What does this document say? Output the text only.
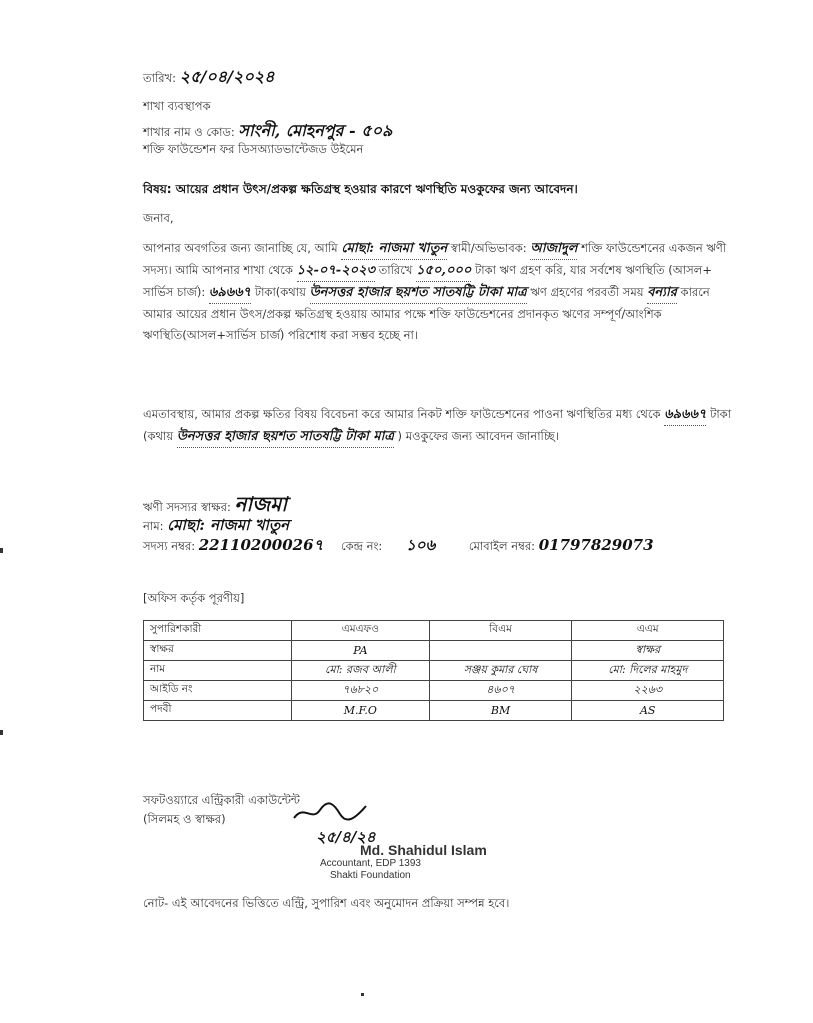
তারিখ: ২৫/০৪/২০২৪
শাখা ব্যবস্থাপক
শাখার নাম ও কোড: সাংনী, মোহনপুর - ৫০৯
শক্তি ফাউন্ডেশন ফর ডিসঅ্যাডভান্টেজড উইমেন
বিষয়: আয়ের প্রধান উৎস/প্রকল্প ক্ষতিগ্রস্থ হওয়ার কারণে ঋণস্থিতি মওকুফের জন্য আবেদন।
জনাব,
আপনার অবগতির জন্য জানাচ্ছি যে, আমি মোছা: নাজমা খাতুন স্বামী/অভিভাবক: আজাদুল শক্তি ফাউন্ডেশনের একজন ঋণী সদস্য। আমি আপনার শাখা থেকে ১২-০৭-২০২৩ তারিখে ১৫০,০০০ টাকা ঋণ গ্রহণ করি, যার সর্বশেষ ঋণস্থিতি (আসল+ সার্ভিস চার্জ): ৬৯৬৬৭ টাকা(কথায় উনসত্তর হাজার ছয়শত সাতষট্টি টাকা মাত্র ঋণ গ্রহণের পরবর্তী সময় বন্যার কারনে আমার আয়ের প্রধান উৎস/প্রকল্প ক্ষতিগ্রস্থ হওয়ায় আমার পক্ষে শক্তি ফাউন্ডেশনের প্রদানকৃত ঋণের সম্পূর্ণ/আংশিক ঋণস্থিতি(আসল+সার্ভিস চার্জ) পরিশোধ করা সম্ভব হচ্ছে না।
এমতাবস্থায়, আমার প্রকল্প ক্ষতির বিষয় বিবেচনা করে আমার নিকট শক্তি ফাউন্ডেশনের পাওনা ঋণস্থিতির মধ্য থেকে ৬৯৬৬৭ টাকা (কথায় উনসত্তর হাজার ছয়শত সাতষট্টি টাকা মাত্র ) মওকুফের জন্য আবেদন জানাচ্ছি।
ঋণী সদস্যর স্বাক্ষর: নাজমা
নাম: মোছা: নাজমা খাতুন
সদস্য নম্বর: 22110200026৭ কেন্দ্র নং: ১০৬	মোবাইল নম্বর: 01797829073
[অফিস কর্তৃক পূরণীয়]
সুপারিশকারী	এমএফও	বিএম	এএম
স্বাক্ষর	PA		স্বাক্ষর
নাম	মো: রজব আলী	সঞ্জয় কুমার ঘোষ	মো: দিলের মাহমুদ
আইডি নং	৭৬৮২০	৪৬০৭	২২৬৩
পদবী	M.F.O	BM	AS
সফটওয়্যারে এন্ট্রিকারী একাউন্টেন্ট
(সিলমহ ও স্বাক্ষর)
২৫/৪/২৪
Md. Shahidul Islam
Accountant, EDP 1393
Shakti Foundation
নোট- এই আবেদনের ভিত্তিতে এন্ট্রি, সুপারিশ এবং অনুমোদন প্রক্রিয়া সম্পন্ন হবে।
